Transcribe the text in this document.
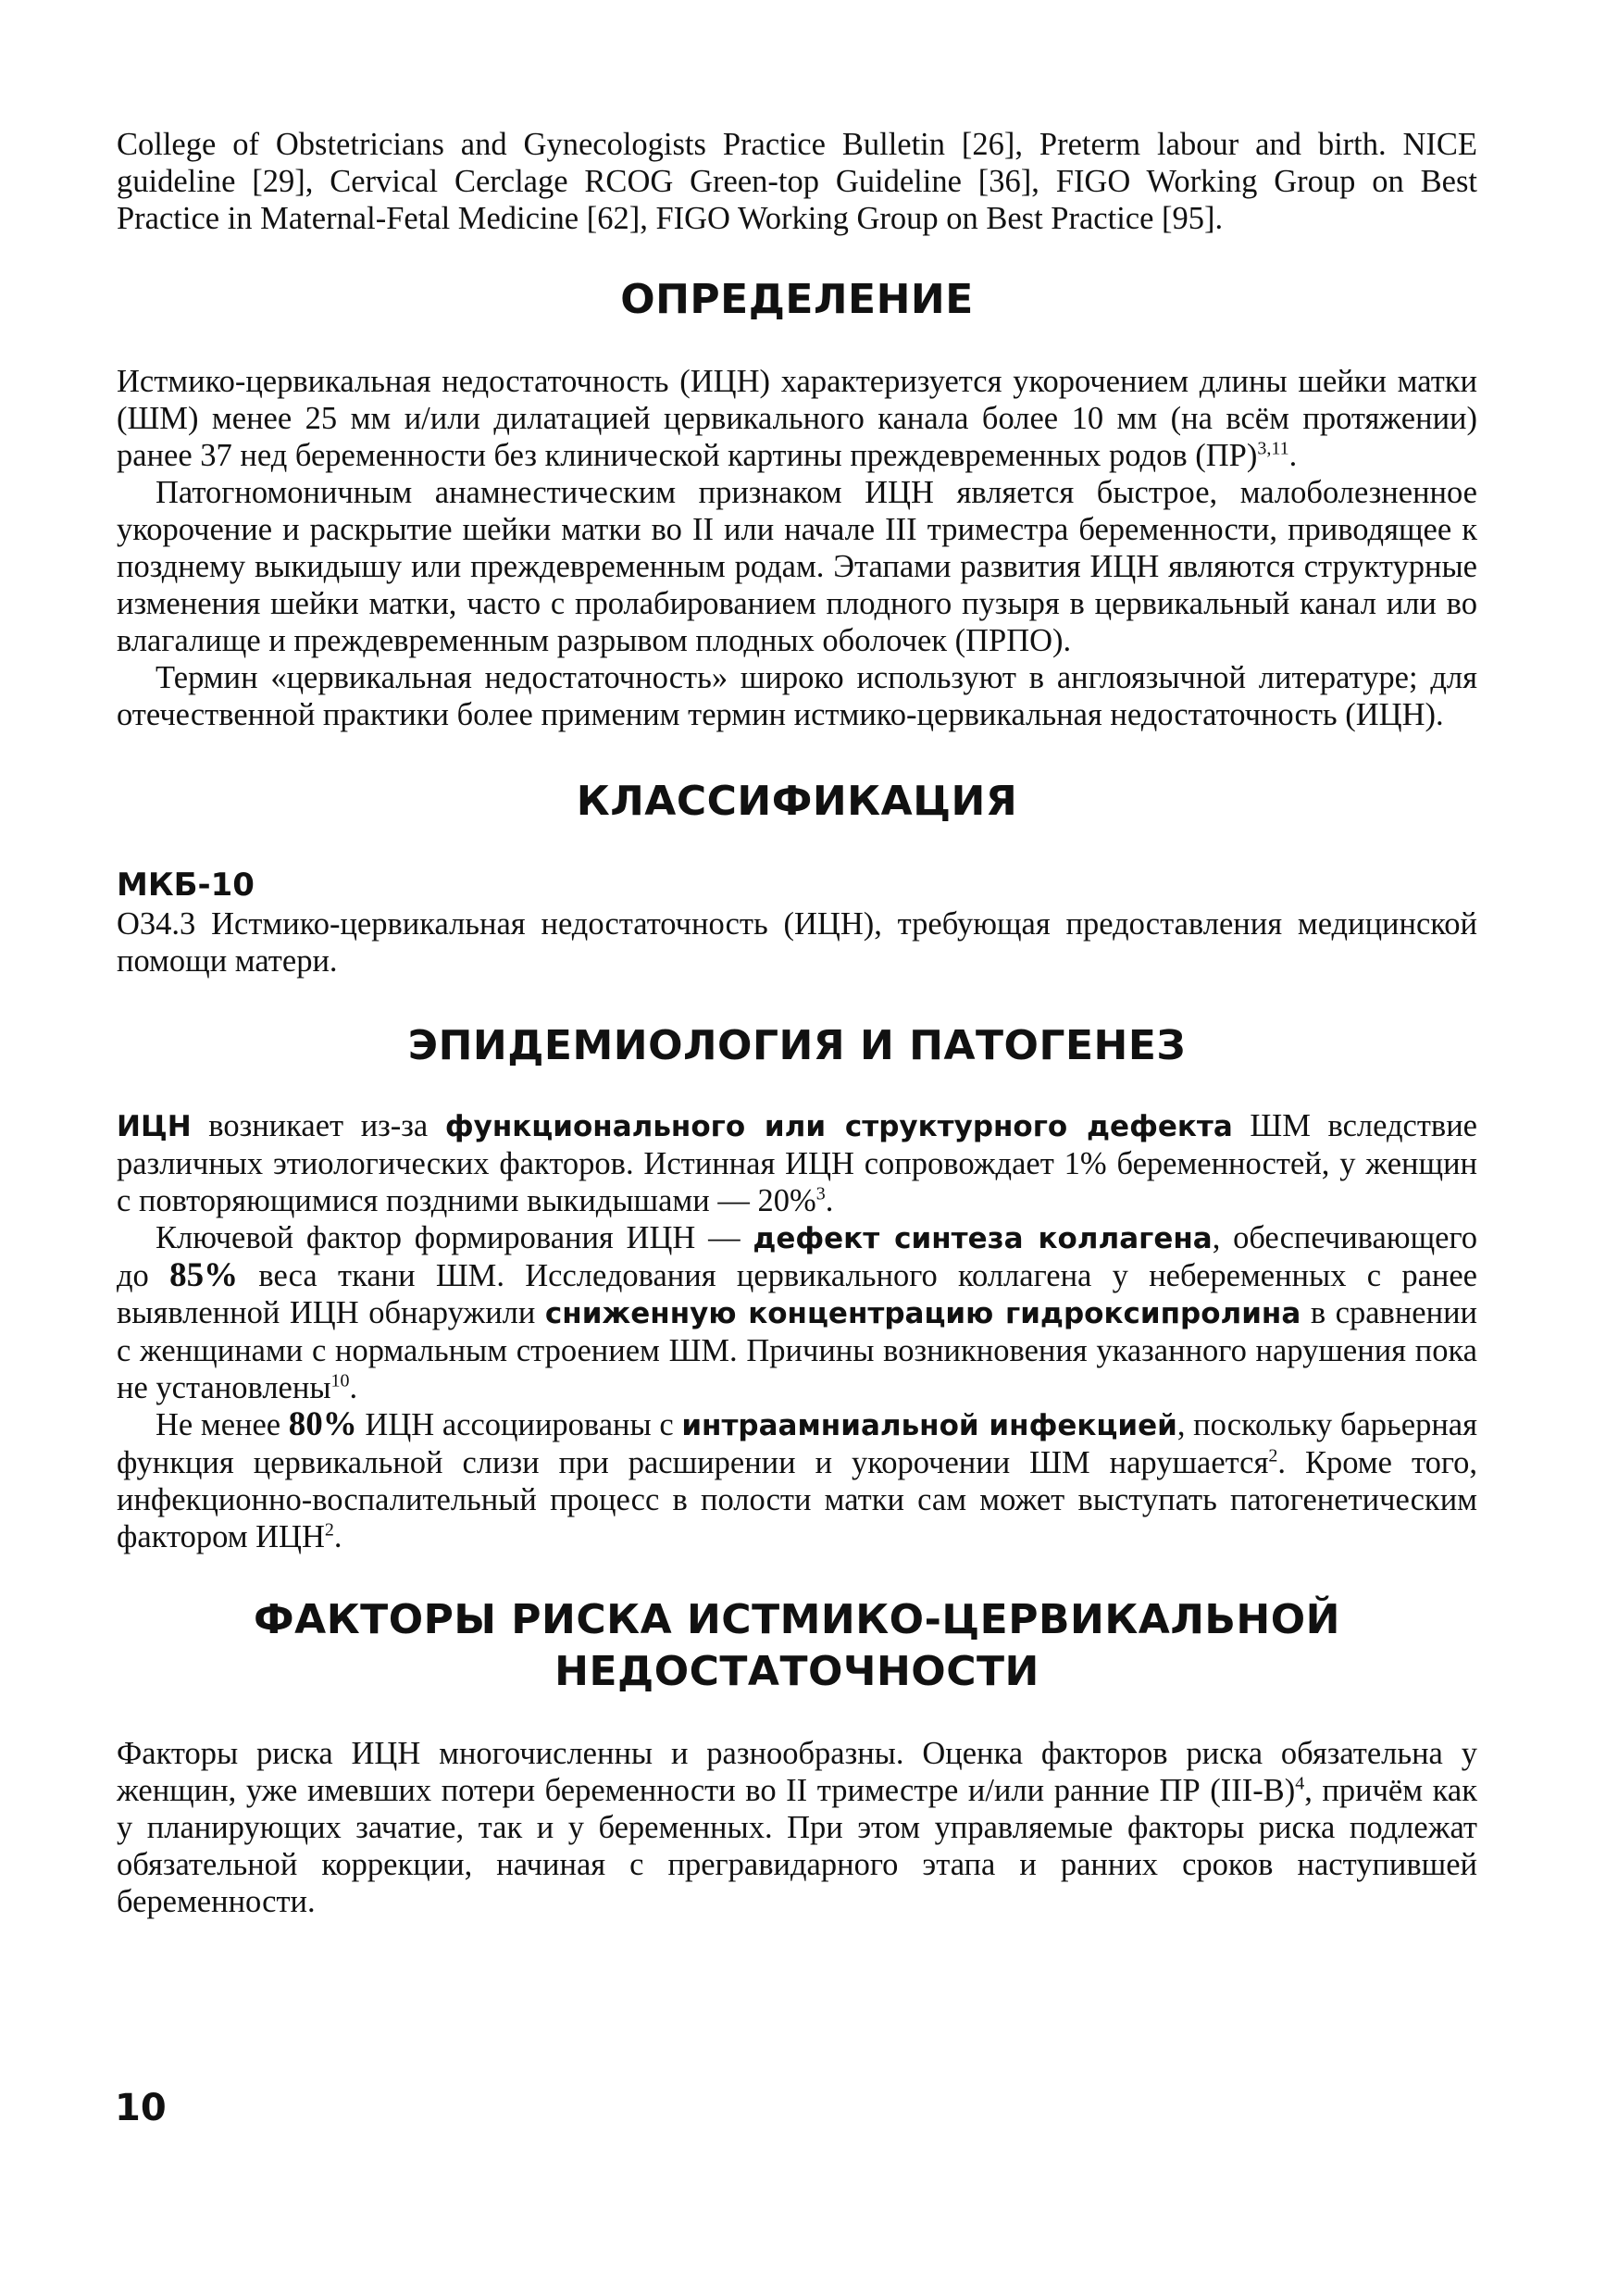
College of Obstetricians and Gynecologists Practice Bulletin [26], Preterm labour and birth. NICE guideline [29], Cervical Cerclage RCOG Green-top Guideline [36], FIGO Working Group on Best Practice in Maternal-Fetal Medicine [62], FIGO Working Group on Best Practice [95].

ОПРЕДЕЛЕНИЕ

Истмико-цервикальная недостаточность (ИЦН) характеризуется укорочением длины шейки матки (ШМ) менее 25 мм и/или дилатацией цервикального канала более 10 мм (на всём протяжении) ранее 37 нед беременности без клинической картины преждевременных родов (ПР)$^{3,11}$.

Патогномоничным анамнестическим признаком ИЦН является быстрое, малоболезненное укорочение и раскрытие шейки матки во II или начале III триместра беременности, приводящее к позднему выкидышу или преждевременным родам. Этапами развития ИЦН являются структурные изменения шейки матки, часто с пролабированием плодного пузыря в цервикальный канал или во влагалище и преждевременным разрывом плодных оболочек (ПРПО).

Термин «цервикальная недостаточность» широко используют в англоязычной литературе; для отечественной практики более применим термин истмико-цервикальная недостаточность (ИЦН).

КЛАССИФИКАЦИЯ

МКБ-10

O34.3 Истмико-цервикальная недостаточность (ИЦН), требующая предоставления медицинской помощи матери.

ЭПИДЕМИОЛОГИЯ И ПАТОГЕНЕЗ

ИЦН возникает из-за функционального или структурного дефекта ШМ вследствие различных этиологических факторов. Истинная ИЦН сопровождает 1% беременностей, у женщин с повторяющимися поздними выкидышами — 20%$^3$.

Ключевой фактор формирования ИЦН — дефект синтеза коллагена, обеспечивающего до 85% веса ткани ШМ. Исследования цервикального коллагена у небеременных с ранее выявленной ИЦН обнаружили сниженную концентрацию гидроксипролина в сравнении с женщинами с нормальным строением ШМ. Причины возникновения указанного нарушения пока не установлены$^{10}$.

Не менее 80% ИЦН ассоциированы с интраамниальной инфекцией, поскольку барьерная функция цервикальной слизи при расширении и укорочении ШМ нарушается$^2$. Кроме того, инфекционно-воспалительный процесс в полости матки сам может выступать патогенетическим фактором ИЦН$^2$.

ФАКТОРЫ РИСКА ИСТМИКО-ЦЕРВИКАЛЬНОЙ
НЕДОСТАТОЧНОСТИ

Факторы риска ИЦН многочисленны и разнообразны. Оценка факторов риска обязательна у женщин, уже имевших потери беременности во II триместре и/или ранние ПР $(III-B)^4$, причём как у планирующих зачатие, так и у беременных. При этом управляемые факторы риска подлежат обязательной коррекции, начиная с прегравидарного этапа и ранних сроков наступившей беременности.

10
